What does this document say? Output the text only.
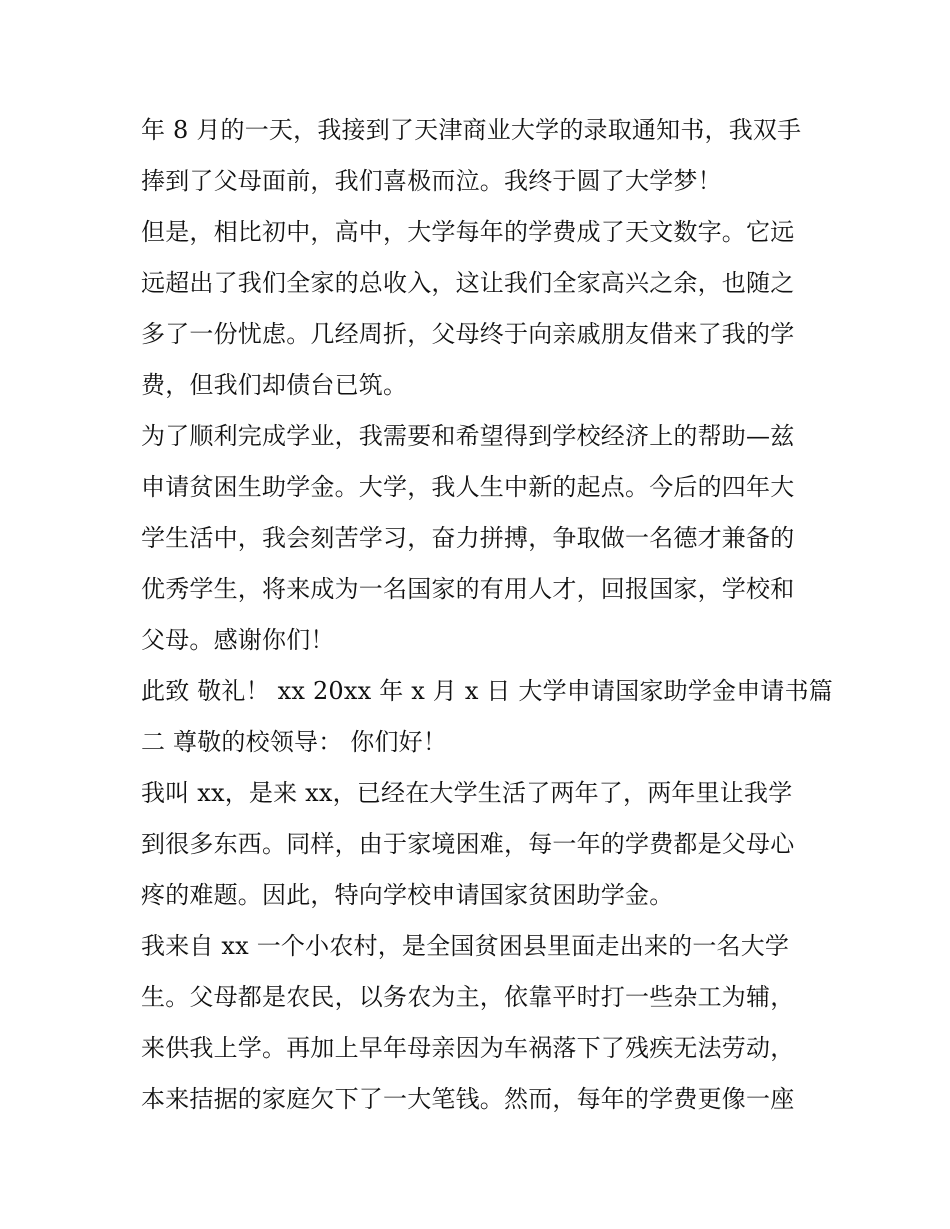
年 8 月的一天，我接到了天津商业大学的录取通知书，我双手
捧到了父母面前，我们喜极而泣。我终于圆了大学梦！
但是，相比初中，高中，大学每年的学费成了天文数字。它远
远超出了我们全家的总收入，这让我们全家高兴之余，也随之
多了一份忧虑。几经周折，父母终于向亲戚朋友借来了我的学
费，但我们却债台已筑。
为了顺利完成学业，我需要和希望得到学校经济上的帮助—兹
申请贫困生助学金。大学，我人生中新的起点。今后的四年大
学生活中，我会刻苦学习，奋力拼搏，争取做一名德才兼备的
优秀学生，将来成为一名国家的有用人才，回报国家，学校和
父母。感谢你们！
此致 敬礼！ xx 20xx 年 x 月 x 日 大学申请国家助学金申请书篇
二 尊敬的校领导： 你们好！
我叫 xx，是来 xx，已经在大学生活了两年了，两年里让我学
到很多东西。同样，由于家境困难，每一年的学费都是父母心
疼的难题。因此，特向学校申请国家贫困助学金。
我来自 xx 一个小农村，是全国贫困县里面走出来的一名大学
生。父母都是农民，以务农为主，依靠平时打一些杂工为辅，
来供我上学。再加上早年母亲因为车祸落下了残疾无法劳动，
本来拮据的家庭欠下了一大笔钱。然而，每年的学费更像一座
